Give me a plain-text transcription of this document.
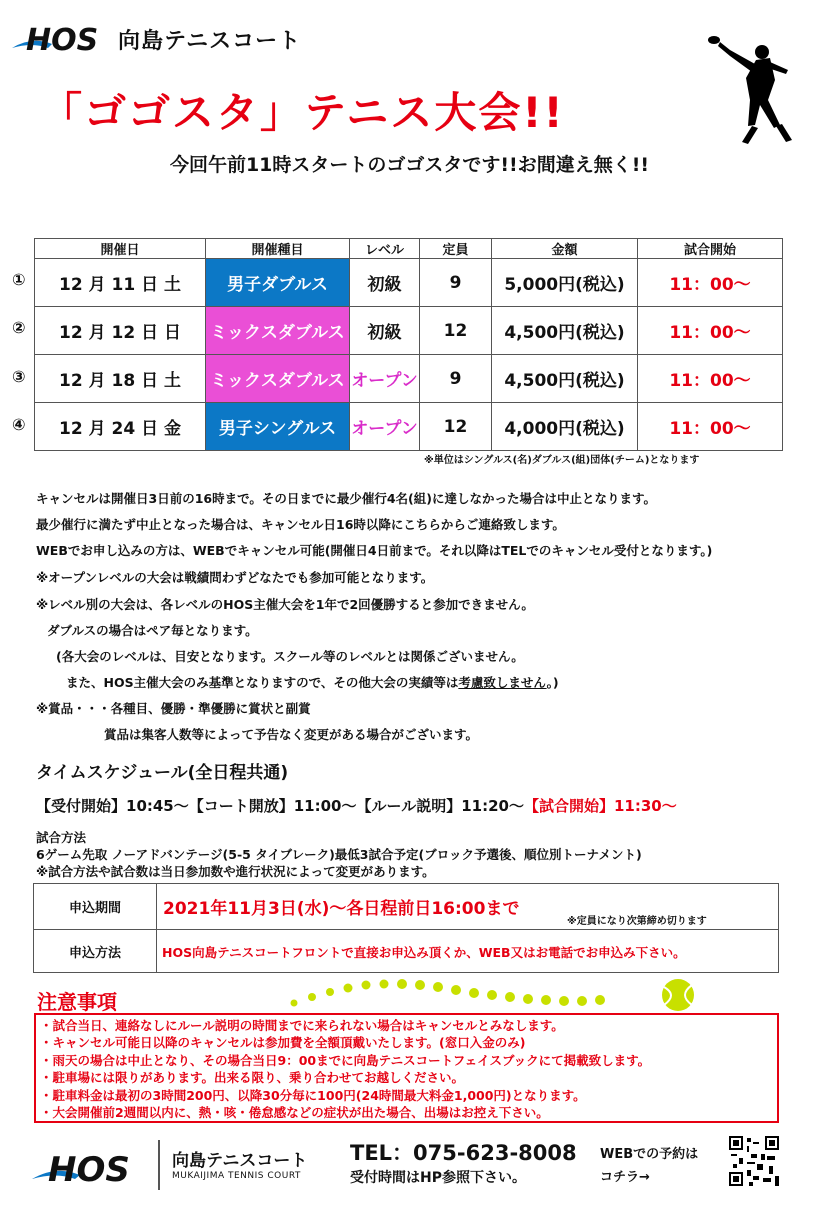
HOS 向島テニスコート
「ゴゴスタ」テニス大会!!
今回午前11時スタートのゴゴスタです!!お間違え無く!!
開催日	開催種目	レベル	定員	金額	試合開始
12 月 11 日 土	男子ダブルス	初級	9	5,000円(税込)	11：00～
12 月 12 日 日	ミックスダブルス	初級	12	4,500円(税込)	11：00～
12 月 18 日 土	ミックスダブルス	オープン	9	4,500円(税込)	11：00～
12 月 24 日 金	男子シングルス	オープン	12	4,000円(税込)	11：00～
①
②
③
④
※単位はシングルス(名)ダブルス(組)団体(チーム)となります
キャンセルは開催日3日前の16時まで。その日までに最少催行4名(組)に達しなかった場合は中止となります。
最少催行に満たず中止となった場合は、キャンセル日16時以降にこちらからご連絡致します。
WEBでお申し込みの方は、WEBでキャンセル可能(開催日4日前まで。それ以降はTELでのキャンセル受付となります。)
※オープンレベルの大会は戦績問わずどなたでも参加可能となります。
※レベル別の大会は、各レベルのHOS主催大会を1年で2回優勝すると参加できません。
ダブルスの場合はペア毎となります。
(各大会のレベルは、目安となります。スクール等のレベルとは関係ございません。
また、HOS主催大会のみ基準となりますので、その他大会の実績等は考慮致しません。)
※賞品・・・各種目、優勝・準優勝に賞状と副賞
賞品は集客人数等によって予告なく変更がある場合がございます。
タイムスケジュール(全日程共通)
【受付開始】10:45～【コート開放】11:00～【ルール説明】11:20～【試合開始】11:30～
試合方法
6ゲーム先取 ノーアドバンテージ(5-5 タイブレーク)最低3試合予定(ブロック予選後、順位別トーナメント)
※試合方法や試合数は当日参加数や進行状況によって変更があります。
申込期間	2021年11月3日(水)～各日程前日16:00まで
※定員になり次第締め切ります

申込方法	HOS向島テニスコートフロントで直接お申込み頂くか、WEB又はお電話でお申込み下さい。
注意事項
・試合当日、連絡なしにルール説明の時間までに来られない場合はキャンセルとみなします。
・キャンセル可能日以降のキャンセルは参加費を全額頂戴いたします。(窓口入金のみ)
・雨天の場合は中止となり、その場合当日9：00までに向島テニスコートフェイスブックにて掲載致します。
・駐車場には限りがあります。出来る限り、乗り合わせてお越しください。
・駐車料金は最初の3時間200円、以降30分毎に100円(24時間最大料金1,000円)となります。
・大会開催前2週間以内に、熱・咳・倦怠感などの症状が出た場合、出場はお控え下さい。
HOS 向島テニスコート
MUKAIJIMA TENNIS COURT
TEL：075-623-8008
受付時間はHP参照下さい。
WEBでの予約は
コチラ→
